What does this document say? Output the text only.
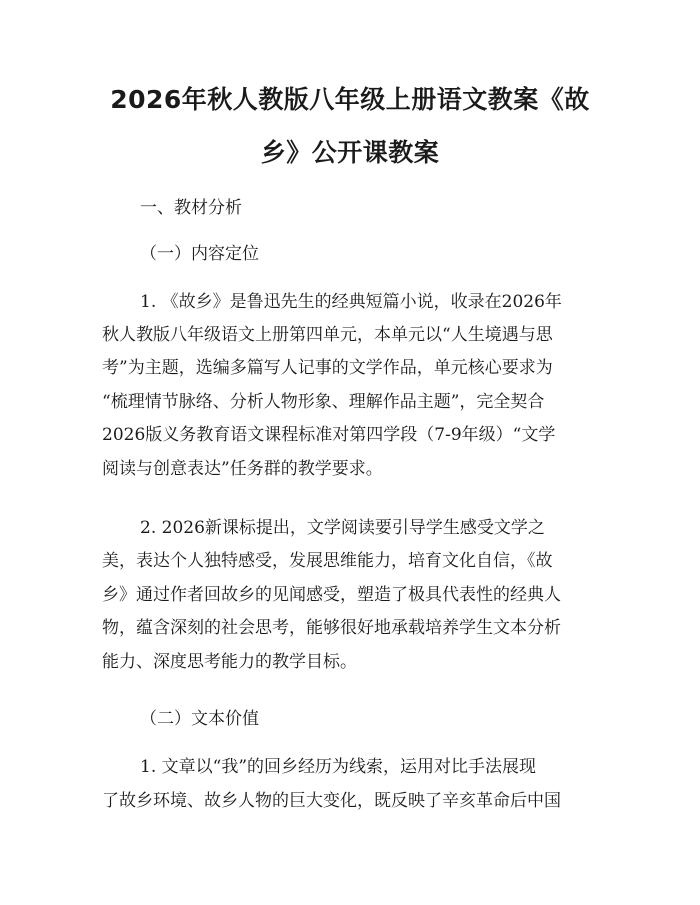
2026年秋人教版八年级上册语文教案《故
乡》公开课教案
一、教材分析
（一）内容定位
1. 《故乡》是鲁迅先生的经典短篇小说，收录在2026年
秋人教版八年级语文上册第四单元，本单元以“人生境遇与思
考”为主题，选编多篇写人记事的文学作品，单元核心要求为
“梳理情节脉络、分析人物形象、理解作品主题”，完全契合
2026版义务教育语文课程标准对第四学段（7-9年级）“文学
阅读与创意表达”任务群的教学要求。
2. 2026新课标提出，文学阅读要引导学生感受文学之
美，表达个人独特感受，发展思维能力，培育文化自信，《故
乡》通过作者回故乡的见闻感受，塑造了极具代表性的经典人
物，蕴含深刻的社会思考，能够很好地承载培养学生文本分析
能力、深度思考能力的教学目标。
（二）文本价值
1. 文章以“我”的回乡经历为线索，运用对比手法展现
了故乡环境、故乡人物的巨大变化，既反映了辛亥革命后中国
